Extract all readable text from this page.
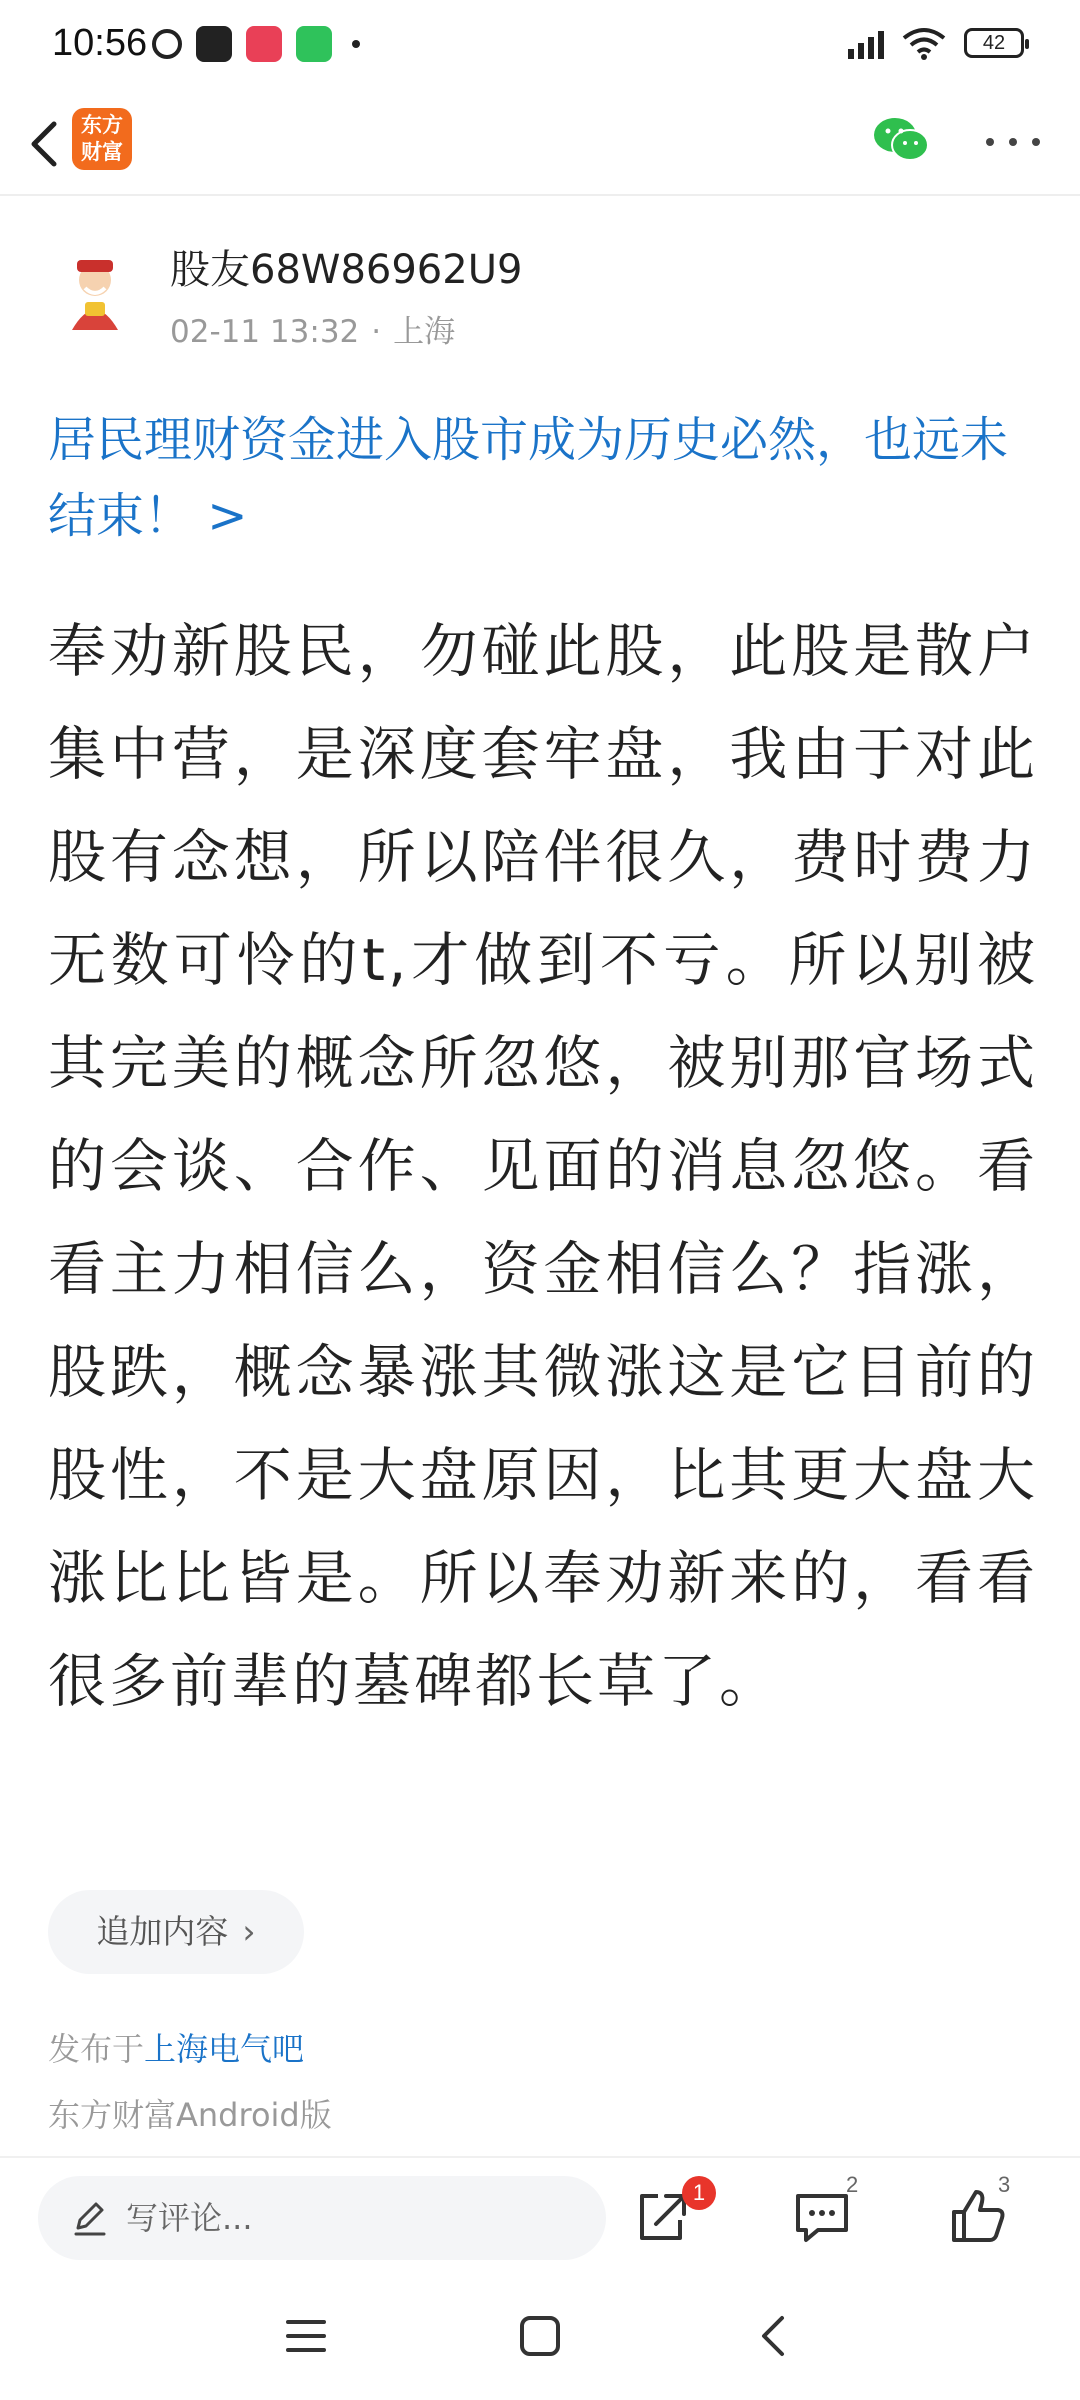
10:56	42
东方
财富
股友68W86962U9
02-11 13:32 · 上海
居民理财资金进入股市成为历史必然，也远未结束！ >
奉劝新股民，勿碰此股，此股是散户集中营，是深度套牢盘，我由于对此股有念想，所以陪伴很久，费时费力无数可怜的t,才做到不亏。所以别被其完美的概念所忽悠，被别那官场式的会谈、合作、见面的消息忽悠。看看主力相信么，资金相信么？指涨，股跌，概念暴涨其微涨这是它目前的股性，不是大盘原因，比其更大盘大涨比比皆是。所以奉劝新来的，看看很多前辈的墓碑都长草了。
追加内容 ›
发布于上海电气吧
东方财富Android版
写评论...
1	2	3
